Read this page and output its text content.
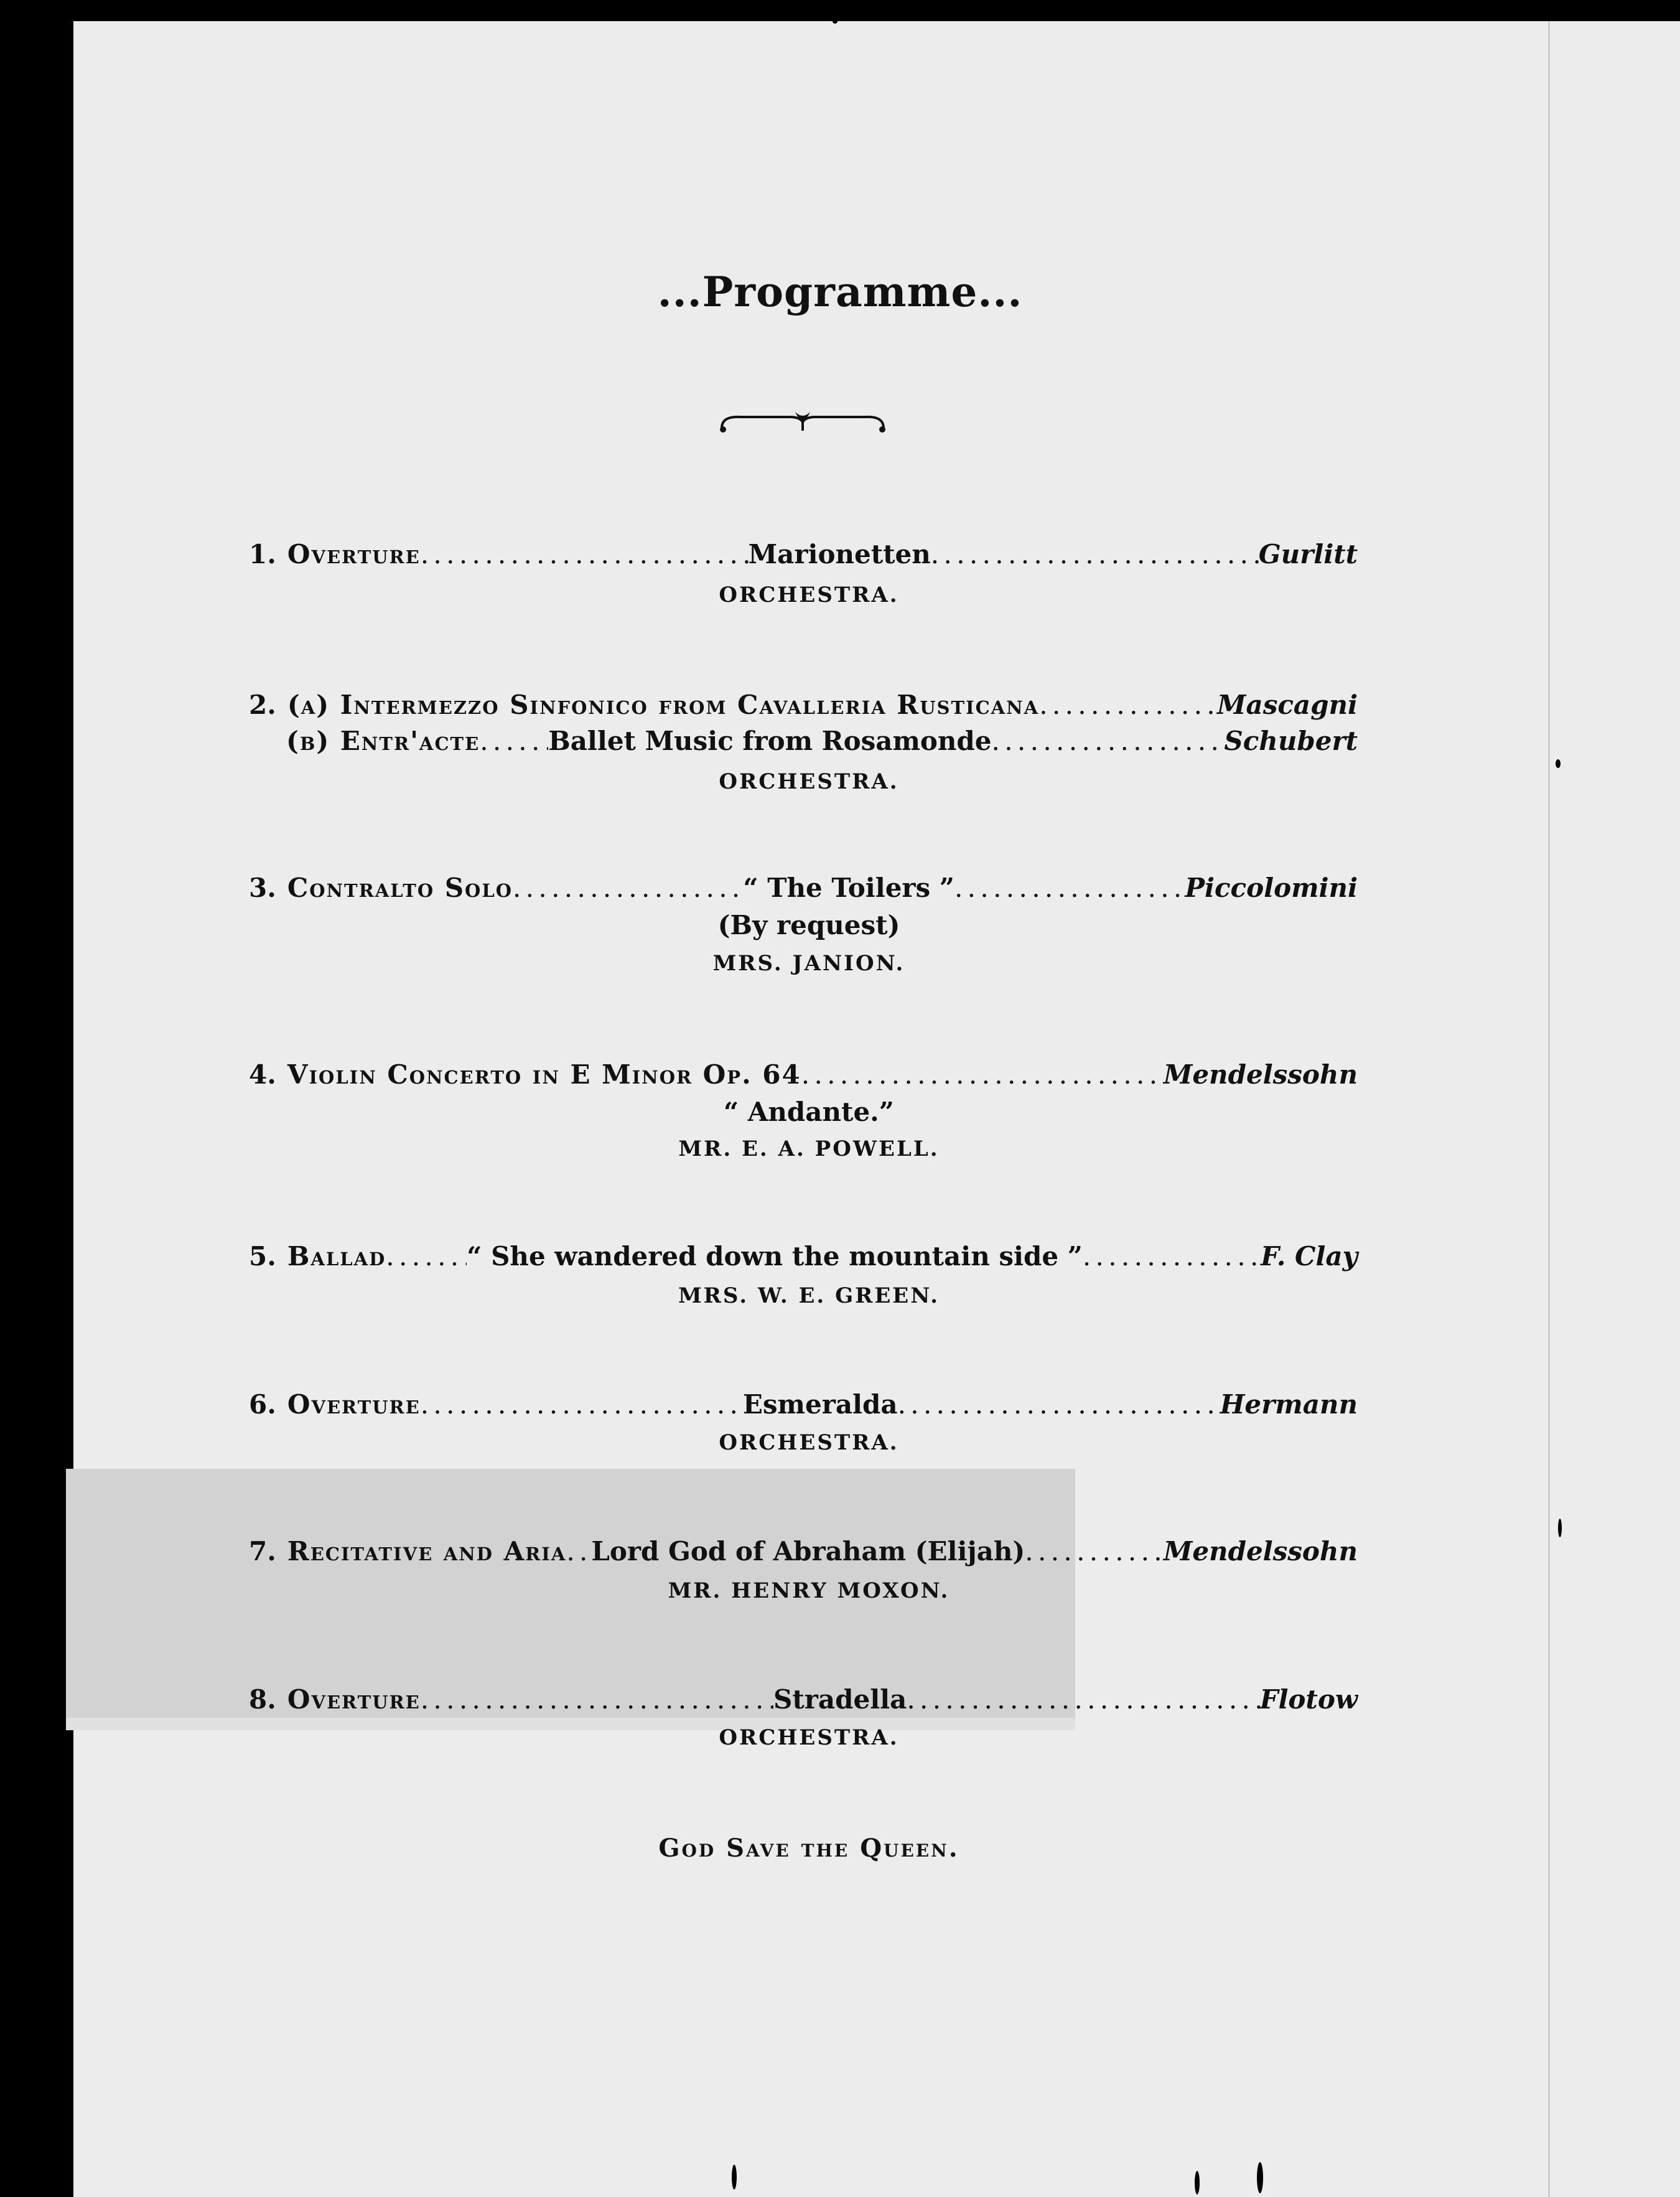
...Programme...
1. Overture . . .	Marionetten . . .	Gurlitt
ORCHESTRA.
2. (a) Intermezzo Sinfonico from Cavalleria Rusticana . . .	Mascagni
(b) Entr'acte . . .	Ballet Music from Rosamonde . . .	Schubert
ORCHESTRA.
3. Contralto Solo . . .	“ The Toilers ” . . .	Piccolomini
(By request)
MRS. JANION.
4. Violin Concerto in E Minor Op. 64 . . .	Mendelssohn
“ Andante.”
MR. E. A. POWELL.
5. Ballad . . .	“ She wandered down the mountain side ” . . .	F. Clay
MRS. W. E. GREEN.
6. Overture . . .	Esmeralda . . .	Hermann
ORCHESTRA.
7. Recitative and Aria . . . Lord God of Abraham (Elijah) . . .	Mendelssohn
MR. HENRY MOXON.
8. Overture . . .	Stradella . . .	Flotow
ORCHESTRA.
God Save the Queen.
